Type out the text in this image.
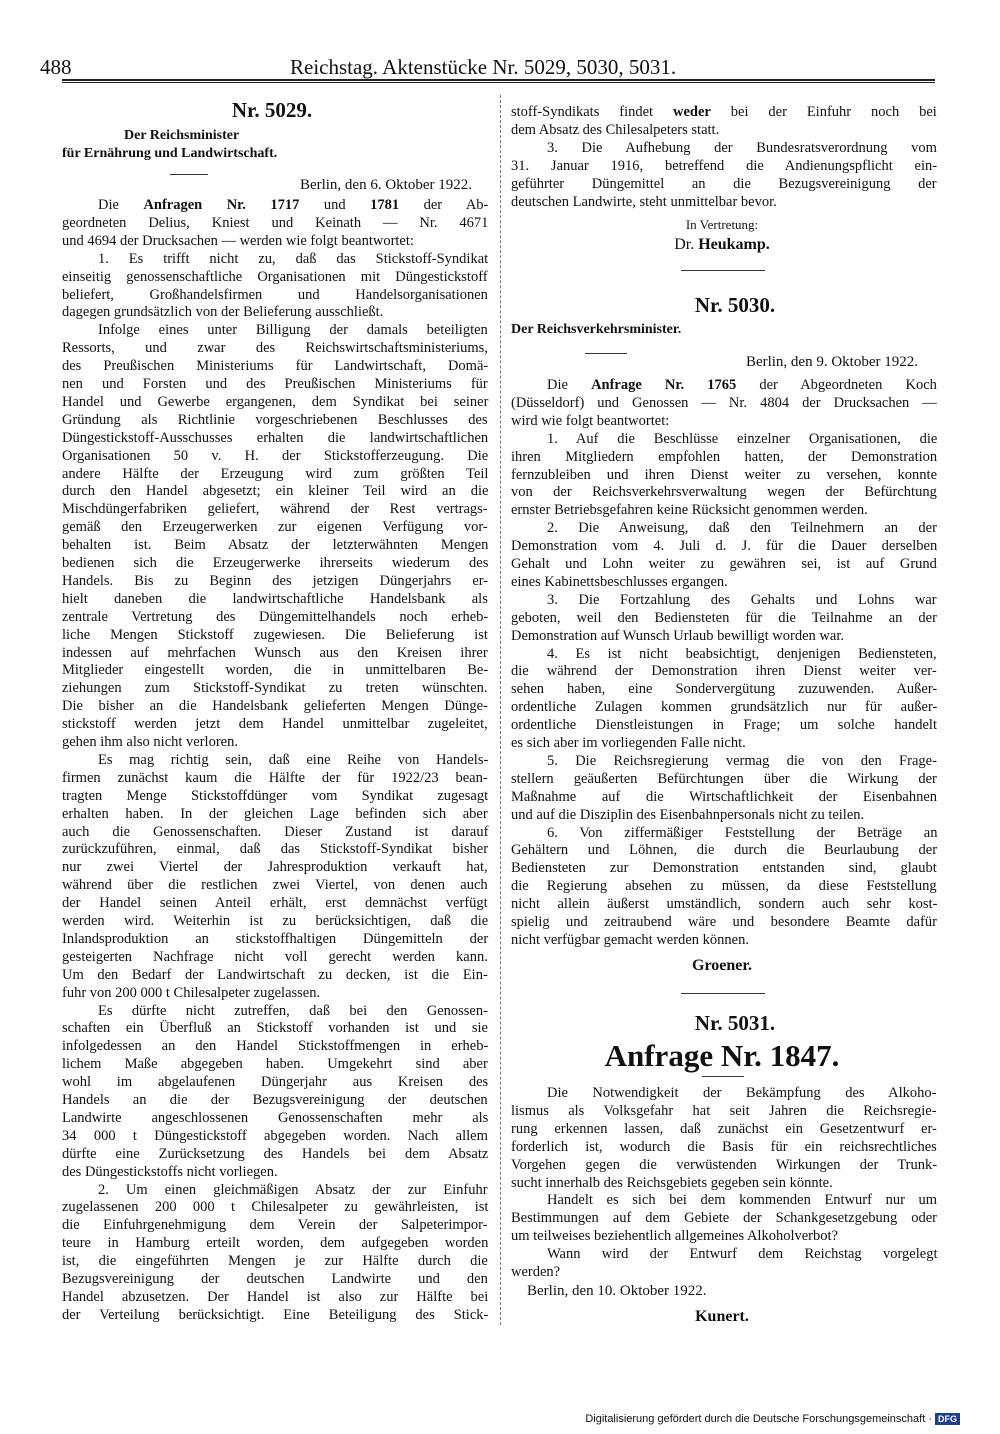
488	Reichstag. Aktenstücke Nr. 5029, 5030, 5031.
Nr. 5029.
Der Reichsminister
für Ernährung und Landwirtschaft.
Berlin, den 6. Oktober 1922.
Die Anfragen Nr. 1717 und 1781 der Ab-
geordneten Delius, Kniest und Keinath — Nr. 4671
und 4694 der Drucksachen — werden wie folgt beantwortet:
1. Es trifft nicht zu, daß das Stickstoff-Syndikat
einseitig genossenschaftliche Organisationen mit Düngestickstoff
beliefert, Großhandelsfirmen und Handelsorganisationen
dagegen grundsätzlich von der Belieferung ausschließt.
Infolge eines unter Billigung der damals beteiligten
Ressorts, und zwar des Reichswirtschaftsministeriums,
des Preußischen Ministeriums für Landwirtschaft, Domä-
nen und Forsten und des Preußischen Ministeriums für
Handel und Gewerbe ergangenen, dem Syndikat bei seiner
Gründung als Richtlinie vorgeschriebenen Beschlusses des
Düngestickstoff-Ausschusses erhalten die landwirtschaftlichen
Organisationen 50 v. H. der Stickstofferzeugung. Die
andere Hälfte der Erzeugung wird zum größten Teil
durch den Handel abgesetzt; ein kleiner Teil wird an die
Mischdüngerfabriken geliefert, während der Rest vertrags-
gemäß den Erzeugerwerken zur eigenen Verfügung vor-
behalten ist. Beim Absatz der letzterwähnten Mengen
bedienen sich die Erzeugerwerke ihrerseits wiederum des
Handels. Bis zu Beginn des jetzigen Düngerjahrs er-
hielt daneben die landwirtschaftliche Handelsbank als
zentrale Vertretung des Düngemittelhandels noch erheb-
liche Mengen Stickstoff zugewiesen. Die Belieferung ist
indessen auf mehrfachen Wunsch aus den Kreisen ihrer
Mitglieder eingestellt worden, die in unmittelbaren Be-
ziehungen zum Stickstoff-Syndikat zu treten wünschten.
Die bisher an die Handelsbank gelieferten Mengen Dünge-
stickstoff werden jetzt dem Handel unmittelbar zugeleitet,
gehen ihm also nicht verloren.
Es mag richtig sein, daß eine Reihe von Handels-
firmen zunächst kaum die Hälfte der für 1922/23 bean-
tragten Menge Stickstoffdünger vom Syndikat zugesagt
erhalten haben. In der gleichen Lage befinden sich aber
auch die Genossenschaften. Dieser Zustand ist darauf
zurückzuführen, einmal, daß das Stickstoff-Syndikat bisher
nur zwei Viertel der Jahresproduktion verkauft hat,
während über die restlichen zwei Viertel, von denen auch
der Handel seinen Anteil erhält, erst demnächst verfügt
werden wird. Weiterhin ist zu berücksichtigen, daß die
Inlandsproduktion an stickstoffhaltigen Düngemitteln der
gesteigerten Nachfrage nicht voll gerecht werden kann.
Um den Bedarf der Landwirtschaft zu decken, ist die Ein-
fuhr von 200 000 t Chilesalpeter zugelassen.
Es dürfte nicht zutreffen, daß bei den Genossen-
schaften ein Überfluß an Stickstoff vorhanden ist und sie
infolgedessen an den Handel Stickstoffmengen in erheb-
lichem Maße abgegeben haben. Umgekehrt sind aber
wohl im abgelaufenen Düngerjahr aus Kreisen des
Handels an die der Bezugsvereinigung der deutschen
Landwirte angeschlossenen Genossenschaften mehr als
34 000 t Düngestickstoff abgegeben worden. Nach allem
dürfte eine Zurücksetzung des Handels bei dem Absatz
des Düngestickstoffs nicht vorliegen.
2. Um einen gleichmäßigen Absatz der zur Einfuhr
zugelassenen 200 000 t Chilesalpeter zu gewährleisten, ist
die Einfuhrgenehmigung dem Verein der Salpeterimpor-
teure in Hamburg erteilt worden, dem aufgegeben worden
ist, die eingeführten Mengen je zur Hälfte durch die
Bezugsvereinigung der deutschen Landwirte und den
Handel abzusetzen. Der Handel ist also zur Hälfte bei
der Verteilung berücksichtigt. Eine Beteiligung des Stick-
stoff-Syndikats findet weder bei der Einfuhr noch bei
dem Absatz des Chilesalpeters statt.
3. Die Aufhebung der Bundesratsverordnung vom
31. Januar 1916, betreffend die Andienungspflicht ein-
geführter Düngemittel an die Bezugsvereinigung der
deutschen Landwirte, steht unmittelbar bevor.
In Vertretung:
Dr. Heukamp.
Nr. 5030.
Der Reichsverkehrsminister.
Berlin, den 9. Oktober 1922.
Die Anfrage Nr. 1765 der Abgeordneten Koch
(Düsseldorf) und Genossen — Nr. 4804 der Drucksachen —
wird wie folgt beantwortet:
1. Auf die Beschlüsse einzelner Organisationen, die
ihren Mitgliedern empfohlen hatten, der Demonstration
fernzubleiben und ihren Dienst weiter zu versehen, konnte
von der Reichsverkehrsverwaltung wegen der Befürchtung
ernster Betriebsgefahren keine Rücksicht genommen werden.
2. Die Anweisung, daß den Teilnehmern an der
Demonstration vom 4. Juli d. J. für die Dauer derselben
Gehalt und Lohn weiter zu gewähren sei, ist auf Grund
eines Kabinettsbeschlusses ergangen.
3. Die Fortzahlung des Gehalts und Lohns war
geboten, weil den Bediensteten für die Teilnahme an der
Demonstration auf Wunsch Urlaub bewilligt worden war.
4. Es ist nicht beabsichtigt, denjenigen Bediensteten,
die während der Demonstration ihren Dienst weiter ver-
sehen haben, eine Sondervergütung zuzuwenden. Außer-
ordentliche Zulagen kommen grundsätzlich nur für außer-
ordentliche Dienstleistungen in Frage; um solche handelt
es sich aber im vorliegenden Falle nicht.
5. Die Reichsregierung vermag die von den Frage-
stellern geäußerten Befürchtungen über die Wirkung der
Maßnahme auf die Wirtschaftlichkeit der Eisenbahnen
und auf die Disziplin des Eisenbahnpersonals nicht zu teilen.
6. Von ziffermäßiger Feststellung der Beträge an
Gehältern und Löhnen, die durch die Beurlaubung der
Bediensteten zur Demonstration entstanden sind, glaubt
die Regierung absehen zu müssen, da diese Feststellung
nicht allein äußerst umständlich, sondern auch sehr kost-
spielig und zeitraubend wäre und besondere Beamte dafür
nicht verfügbar gemacht werden können.
Groener.
Nr. 5031.
Anfrage Nr. 1847.
Die Notwendigkeit der Bekämpfung des Alkoho-
lismus als Volksgefahr hat seit Jahren die Reichsregie-
rung erkennen lassen, daß zunächst ein Gesetzentwurf er-
forderlich ist, wodurch die Basis für ein reichsrechtliches
Vorgehen gegen die verwüstenden Wirkungen der Trunk-
sucht innerhalb des Reichsgebiets gegeben sein könnte.
Handelt es sich bei dem kommenden Entwurf nur um
Bestimmungen auf dem Gebiete der Schankgesetzgebung oder
um teilweises beziehentlich allgemeines Alkoholverbot?
Wann wird der Entwurf dem Reichstag vorgelegt
werden?
Berlin, den 10. Oktober 1922.
Kunert.
Digitalisierung gefördert durch die Deutsche Forschungsgemeinschaft · DFG
